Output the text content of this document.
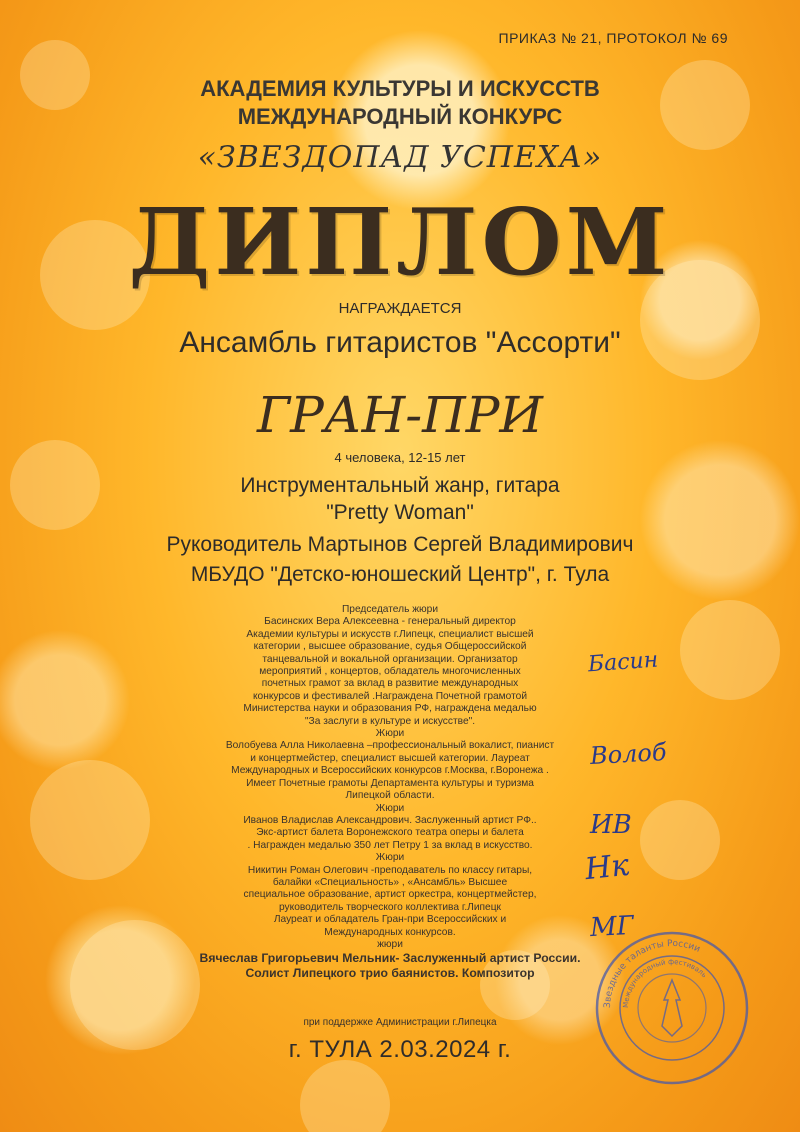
ПРИКАЗ № 21, ПРОТОКОЛ № 69
АКАДЕМИЯ КУЛЬТУРЫ И ИСКУССТВ
МЕЖДУНАРОДНЫЙ КОНКУРС
«ЗВЕЗДОПАД УСПЕХА»
ДИПЛОМ
НАГРАЖДАЕТСЯ
Ансамбль гитаристов "Ассорти"
ГРАН-ПРИ
4 человека, 12-15 лет
Инструментальный жанр, гитара
"Pretty Woman"
Руководитель Мартынов Сергей Владимирович
МБУДО "Детско-юношеский Центр", г. Тула
Председатель жюри
Басинских Вера Алексеевна - генеральный директор
Академии культуры и искусств г.Липецк, специалист высшей
категории , высшее образование, судья Общероссийской
танцевальной и вокальной организации. Организатор
мероприятий , концертов, обладатель многочисленных
почетных грамот за вклад в развитие международных
конкурсов и фестивалей .Награждена Почетной грамотой
Министерства науки и образования РФ, награждена медалью
"За заслуги в культуре и искусстве".
Жюри
Волобуева Алла Николаевна –профессиональный вокалист, пианист
и концертмейстер, специалист высшей категории. Лауреат
Международных и Всероссийских конкурсов г.Москва, г.Воронежа .
Имеет Почетные грамоты Департамента культуры и туризма
Липецкой области.
Жюри
Иванов Владислав Александрович. Заслуженный артист РФ..
Экс-артист балета Воронежского театра оперы и балета
. Награжден медалью 350 лет Петру 1 за вклад в искусство.
Жюри
Никитин Роман Олегович -преподаватель по классу гитары,
балайки «Специальность» , «Ансамбль» Высшее
специальное образование, артист оркестра, концертмейстер,
руководитель творческого коллектива г.Липецк
Лауреат и обладатель Гран-при Всероссийских и
Международных конкурсов.
жюри
Вячеслав Григорьевич Мельник- Заслуженный артист России.
Солист Липецкого трио баянистов. Композитор
Басин
Волоб
ИВ
Нк
МГ
Звездные таланты России
Международный фестиваль
при поддержке Администрации г.Липецка
г. ТУЛА 2.03.2024 г.
